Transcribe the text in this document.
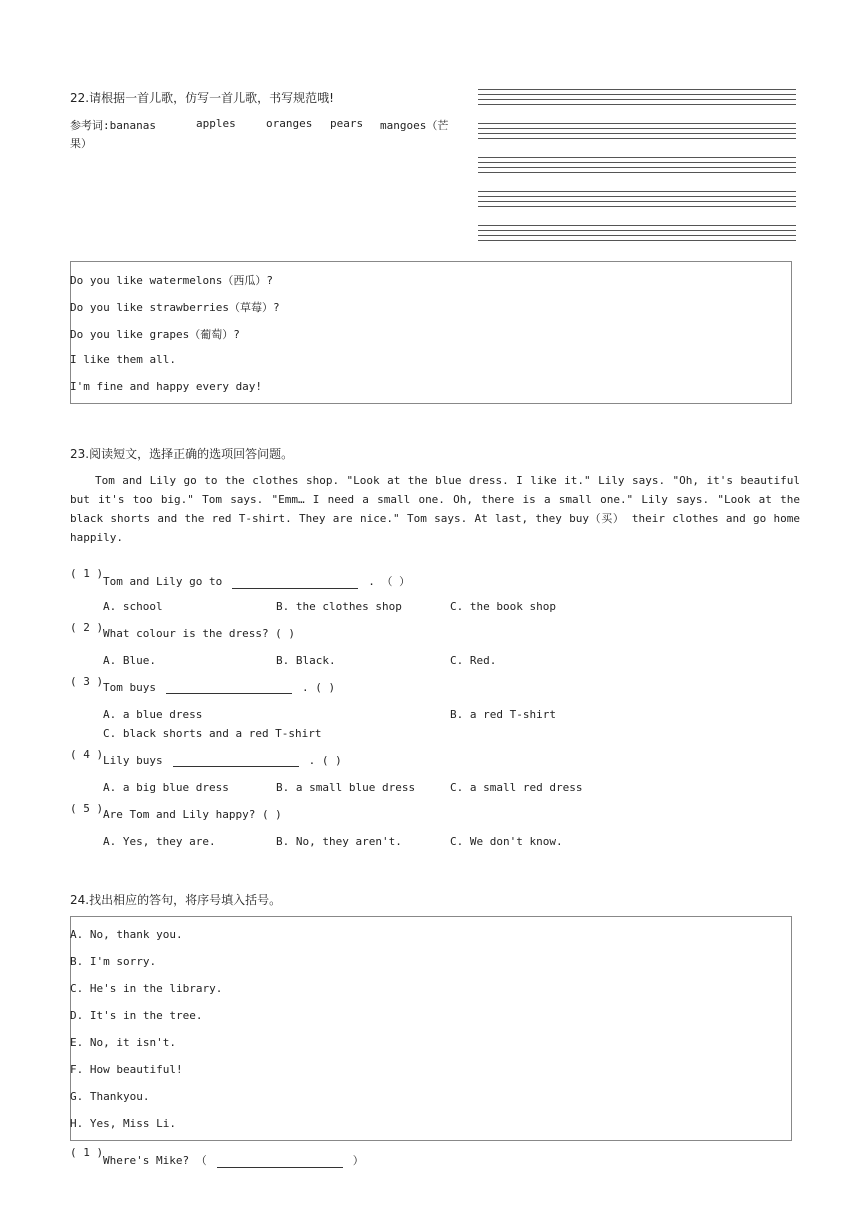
22.请根据一首儿歌，仿写一首儿歌，书写规范哦!
参考词:bananas	apples	oranges pears mangoes（芒
果）
Do you like watermelons（西瓜）?
Do you like strawberries（草莓）?
Do you like grapes（葡萄）?
I like them all.
I'm fine and happy every day!
23.阅读短文，选择正确的选项回答问题。
Tom and Lily go to the clothes shop. "Look at the blue dress. I like it." Lily says. "Oh, it's beautiful but it's too big." Tom says. "Emm… I need a small one. Oh, there is a small one." Lily says. "Look at the black shorts and the red T-shirt. They are nice." Tom says. At last, they buy（买） their clothes and go home happily.
( 1 )
Tom and Lily go to	. （ ）
A. school	B. the clothes shop	C. the book shop
( 2 ) What colour is the dress? ( )
A. Blue.	B. Black.	C. Red.
( 3 ) Tom buys	. ( )
A. a blue dress	B. a red T-shirt
C. black shorts and a red T-shirt
( 4 ) Lily buys	. ( )
A. a big blue dress	B. a small blue dress	C. a small red dress
( 5 ) Are Tom and Lily happy? ( )
A. Yes, they are.	B. No, they aren't.	C. We don't know.
24.找出相应的答句，将序号填入括号。
A. No, thank you.
B. I'm sorry.
C. He's in the library.
D. It's in the tree.
E. No, it isn't.
F. How beautiful!
G. Thankyou.
H. Yes, Miss Li.
( 1 )
Where's Mike? （	）
